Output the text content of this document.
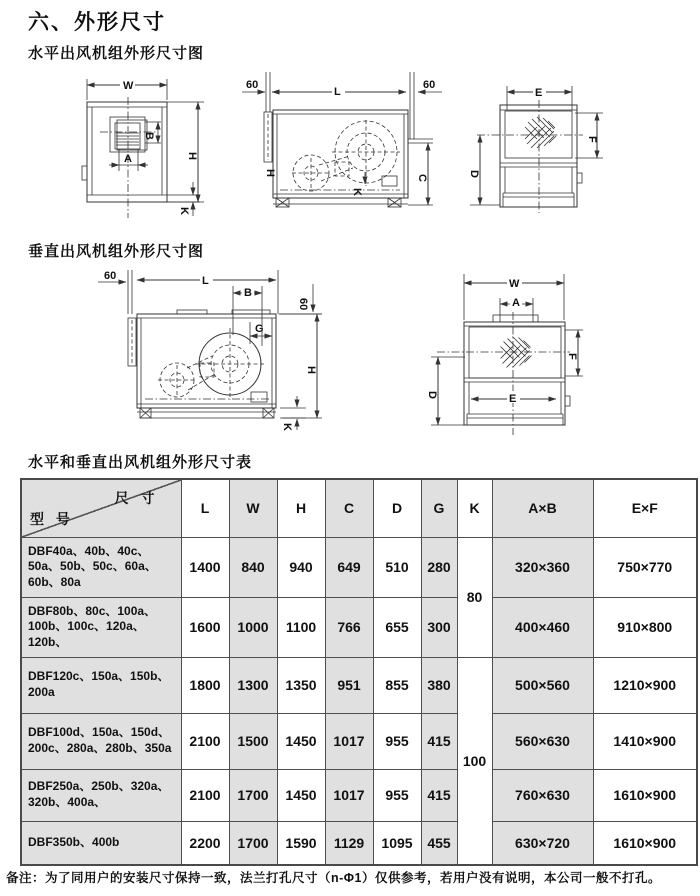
六、外形尺寸
水平出风机组外形尺寸图
垂直出风机组外形尺寸图
水平和垂直出风机组外形尺寸表
W
B
A	H
K
60
L
60
H
C
K
E
F
D
60	L
B
60
G
H
K
W
A
F
D	E
尺 寸
型 号	L	W	H	C	D	G	K	A×B	E×F
DBF40a、40b、40c、50a、50b、50c、60a、60b、80a	1400	840	940	649	510	280	80	320×360	750×770
DBF80b、80c、100a、100b、100c、120a、120b、	1600	1000	1100	766	655	300		400×460	910×800
DBF120c、150a、150b、200a	1800	1300	1350	951	855	380	100	500×560	1210×900
DBF100d、150a、150d、200c、280a、280b、350a	2100	1500	1450	1017	955	415		560×630	1410×900
DBF250a、250b、320a、320b、400a、	2100	1700	1450	1017	955	415		760×630	1610×900
DBF350b、400b	2200	1700	1590	1129	1095	455		630×720	1610×900
备注：为了同用户的安装尺寸保持一致，法兰打孔尺寸（n-Φ1）仅供参考，若用户没有说明，本公司一般不打孔。
